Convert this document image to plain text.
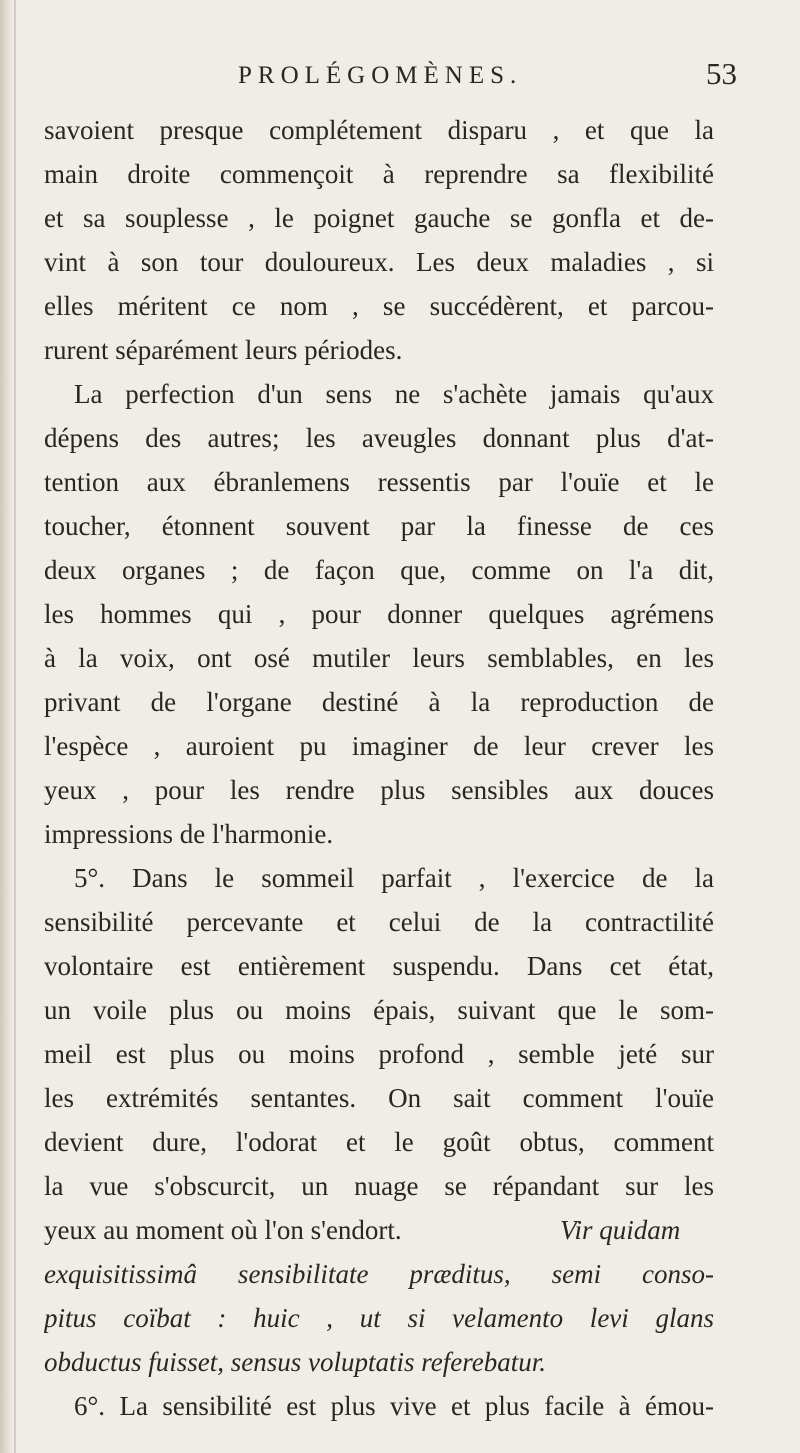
PROLÉGOMÈNES.	53
savoient presque complétement disparu , et que la
main droite commençoit à reprendre sa flexibilité
et sa souplesse , le poignet gauche se gonfla et de-
vint à son tour douloureux. Les deux maladies , si
elles méritent ce nom , se succédèrent, et parcou-
rurent séparément leurs périodes.
La perfection d'un sens ne s'achète jamais qu'aux
dépens des autres; les aveugles donnant plus d'at-
tention aux ébranlemens ressentis par l'ouïe et le
toucher, étonnent souvent par la finesse de ces
deux organes ; de façon que, comme on l'a dit,
les hommes qui , pour donner quelques agrémens
à la voix, ont osé mutiler leurs semblables, en les
privant de l'organe destiné à la reproduction de
l'espèce , auroient pu imaginer de leur crever les
yeux , pour les rendre plus sensibles aux douces
impressions de l'harmonie.
5°. Dans le sommeil parfait , l'exercice de la
sensibilité percevante et celui de la contractilité
volontaire est entièrement suspendu. Dans cet état,
un voile plus ou moins épais, suivant que le som-
meil est plus ou moins profond , semble jeté sur
les extrémités sentantes. On sait comment l'ouïe
devient dure, l'odorat et le goût obtus, comment
la vue s'obscurcit, un nuage se répandant sur les
yeux au moment où l'on s'endort.	Vir quidam
exquisitissimâ sensibilitate præditus, semi conso-
pitus coïbat : huic , ut si velamento levi glans
obductus fuisset, sensus voluptatis referebatur.
6°. La sensibilité est plus vive et plus facile à émou-
